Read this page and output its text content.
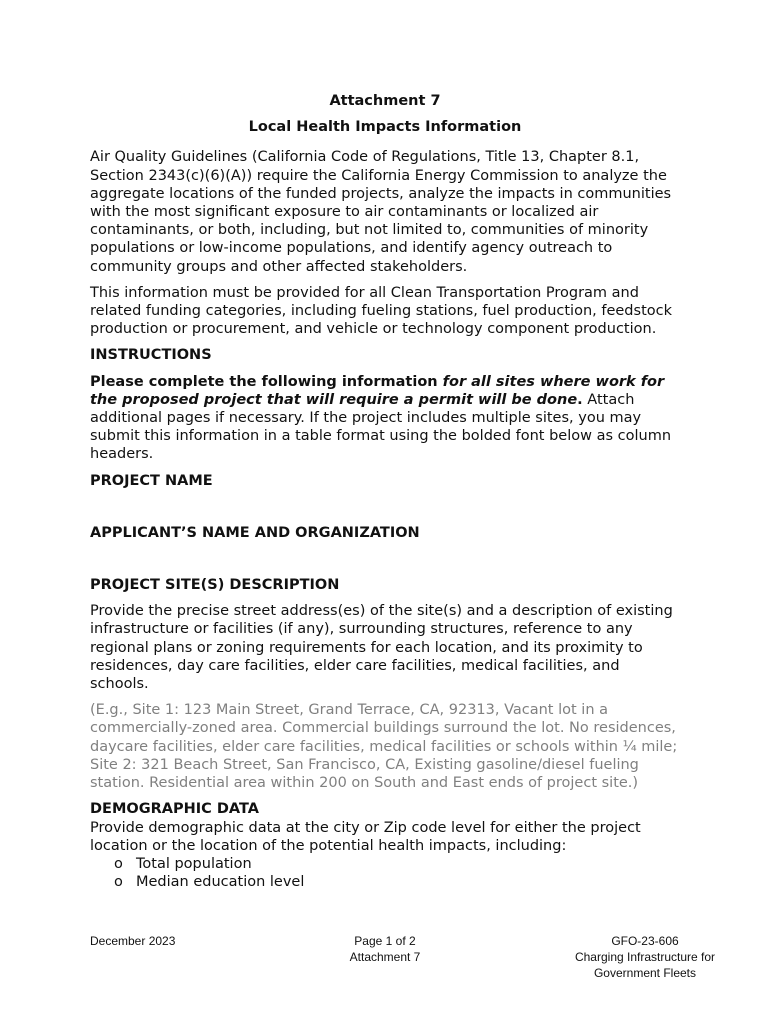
Attachment 7
Local Health Impacts Information

Air Quality Guidelines (California Code of Regulations, Title 13, Chapter 8.1, Section 2343(c)(6)(A)) require the California Energy Commission to analyze the aggregate locations of the funded projects, analyze the impacts in communities with the most significant exposure to air contaminants or localized air contaminants, or both, including, but not limited to, communities of minority populations or low-income populations, and identify agency outreach to community groups and other affected stakeholders.

This information must be provided for all Clean Transportation Program and related funding categories, including fueling stations, fuel production, feedstock production or procurement, and vehicle or technology component production.

INSTRUCTIONS

Please complete the following information for all sites where work for the proposed project that will require a permit will be done. Attach additional pages if necessary. If the project includes multiple sites, you may submit this information in a table format using the bolded font below as column headers.

PROJECT NAME
APPLICANT’S NAME AND ORGANIZATION
PROJECT SITE(S) DESCRIPTION

Provide the precise street address(es) of the site(s) and a description of existing infrastructure or facilities (if any), surrounding structures, reference to any regional plans or zoning requirements for each location, and its proximity to residences, day care facilities, elder care facilities, medical facilities, and schools.

(E.g., Site 1: 123 Main Street, Grand Terrace, CA, 92313, Vacant lot in a commercially-zoned area. Commercial buildings surround the lot. No residences, daycare facilities, elder care facilities, medical facilities or schools within ¼ mile; Site 2: 321 Beach Street, San Francisco, CA, Existing gasoline/diesel fueling station. Residential area within 200 on South and East ends of project site.)

DEMOGRAPHIC DATA
Provide demographic data at the city or Zip code level for either the project location or the location of the potential health impacts, including:
o Total population
o Median education level
December 2023	Page 1 of 2
Attachment 7
GFO-23-606
Charging Infrastructure for
Government Fleets
